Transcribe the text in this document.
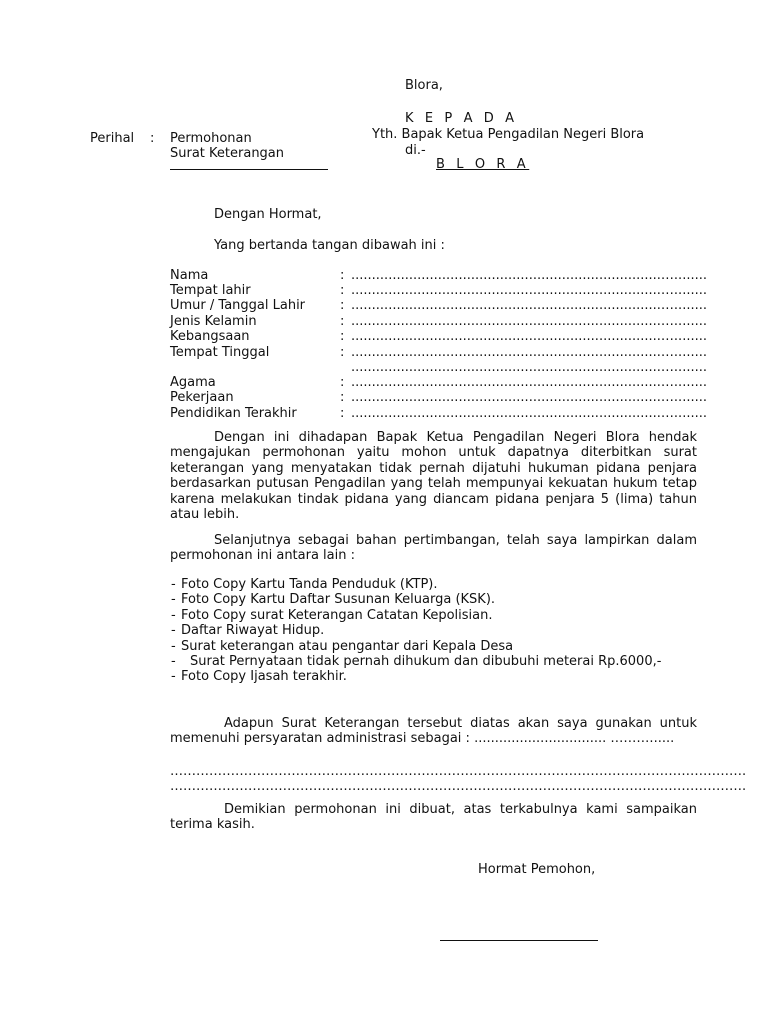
Blora,
K E P A D A
Yth. Bapak Ketua Pengadilan Negeri Blora
di.-
B L O R A
Perihal : Permohonan
Surat Keterangan
Dengan Hormat,
Yang bertanda tangan dibawah ini :
Nama	: ...........................................................................…........
Tempat lahir	: ...........................................................................…........
Umur / Tanggal Lahir	: ...........................................................................…........
Jenis Kelamin	: ...........................................................................…........
Kebangsaan	: ...........................................................................…........
Tempat Tinggal	: ...........................................................................…........
...........................................................................…........
Agama	: ...........................................................................…........
Pekerjaan	: ...........................................................................…........
Pendidikan Terakhir	: ...........................................................................…........

Dengan ini dihadapan Bapak Ketua Pengadilan Negeri Blora hendak mengajukan permohonan yaitu mohon untuk dapatnya diterbitkan surat keterangan yang menyatakan tidak pernah dijatuhi hukuman pidana penjara berdasarkan putusan Pengadilan yang telah mempunyai kekuatan hukum tetap karena melakukan tindak pidana yang diancam pidana penjara 5 (lima) tahun atau lebih.

Selanjutnya sebagai bahan pertimbangan, telah saya lampirkan dalam permohonan ini antara lain :

- Foto Copy Kartu Tanda Penduduk (KTP).
- Foto Copy Kartu Daftar Susunan Keluarga (KSK).
- Foto Copy surat Keterangan Catatan Kepolisian.
- Daftar Riwayat Hidup.
- Surat keterangan atau pengantar dari Kepala Desa
- Surat Pernyataan tidak pernah dihukum dan dibubuhi meterai Rp.6000,-
- Foto Copy Ijasah terakhir.

Adapun Surat Keterangan tersebut diatas akan saya gunakan untuk memenuhi persyaratan administrasi sebagai : ................................ ………......

…………………………………………………………………………………………………………………….
…………………………………………………………………………………………………………………….

Demikian permohonan ini dibuat, atas terkabulnya kami sampaikan terima kasih.

Hormat Pemohon,
